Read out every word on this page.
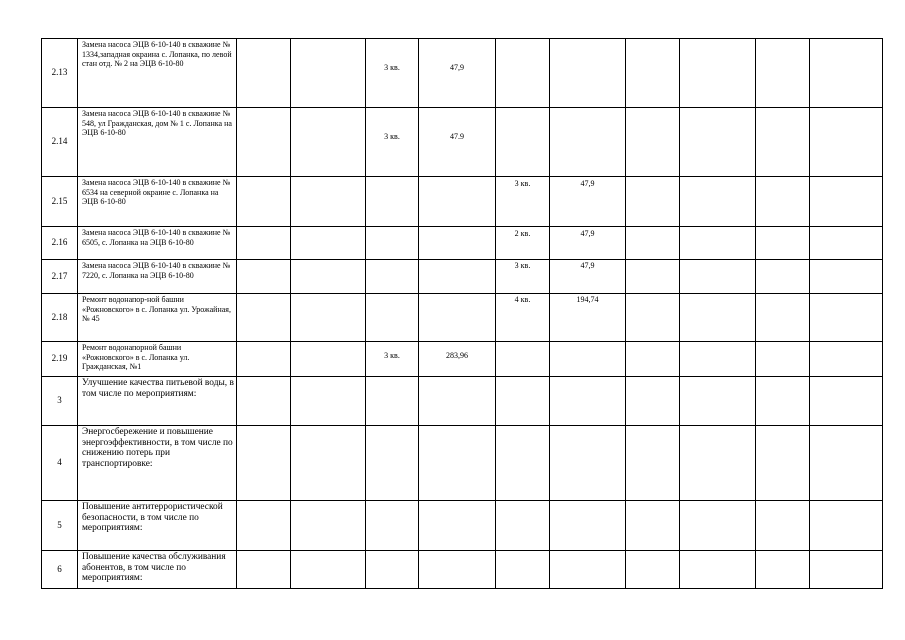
2.13	Замена насоса ЭЦВ 6-10-140 в скважине № 1334,западная окраина с. Лопанка, по левой стан отд. № 2 на ЭЦВ 6-10-80			3 кв.	47,9						
2.14	Замена насоса ЭЦВ 6-10-140 в скважине № 548, ул Гражданская, дом № 1 с. Лопанка на ЭЦВ 6-10-80			3 кв.	47.9						
2.15	Замена насоса ЭЦВ 6-10-140 в скважине № 6534 на северной окраине с. Лопанка на ЭЦВ 6-10-80					3 кв.	47,9				
2.16	Замена насоса ЭЦВ 6-10-140 в скважине № 6505, с. Лопанка на ЭЦВ 6-10-80					2 кв.	47,9				
2.17	Замена насоса ЭЦВ 6-10-140 в скважине № 7220, с. Лопанка на ЭЦВ 6-10-80					3 кв.	47,9				
2.18	Ремонт водонапор-ной башни «Рожновского» в с. Лопанка ул. Урожайная, № 45					4 кв.	194,74				
2.19	Ремонт водонапорной башни «Рожновского» в с. Лопанка ул. Гражданская, №1			3 кв.	283,96						
3	Улучшение качества питьевой воды, в том числе по мероприятиям:										
4	Энергосбережение и повышение энергоэффективности, в том числе по снижению потерь при транспортировке:										
5	Повышение антитеррористической безопасности, в том числе по мероприятиям:										
6	Повышение качества обслуживания абонентов, в том числе по мероприятиям:										
